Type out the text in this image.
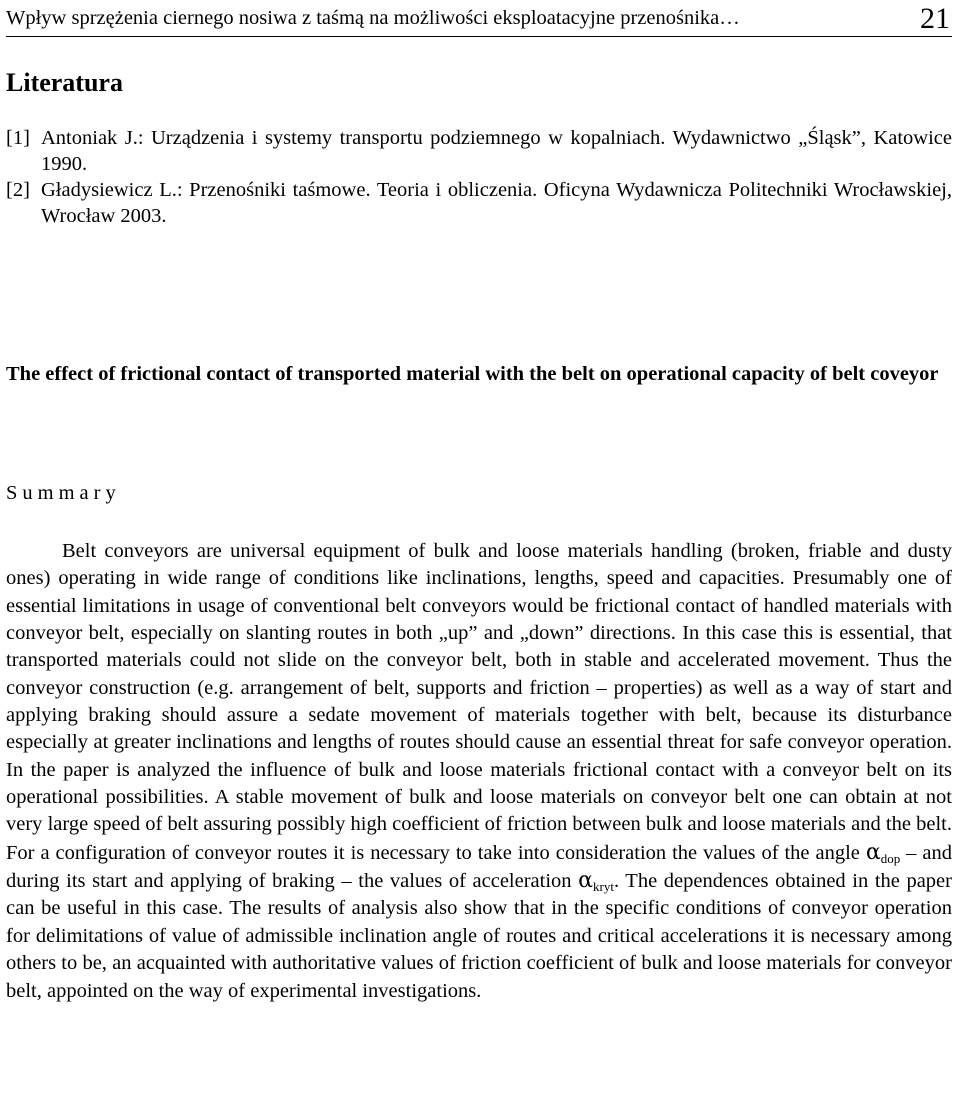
Wpływ sprzężenia ciernego nosiwa z taśmą na możliwości eksploatacyjne przenośnika…	21
Literatura
[1] Antoniak J.: Urządzenia i systemy transportu podziemnego w kopalniach. Wydawnictwo „Śląsk”, Katowice 1990.
[2] Gładysiewicz L.: Przenośniki taśmowe. Teoria i obliczenia. Oficyna Wydawnicza Politechniki Wrocławskiej, Wrocław 2003.
The effect of frictional contact of transported material with the belt on operational capacity of belt coveyor
Summary

Belt conveyors are universal equipment of bulk and loose materials handling (broken, friable and dusty ones) operating in wide range of conditions like inclinations, lengths, speed and capacities. Presumably one of essential limitations in usage of conventional belt conveyors would be frictional contact of handled materials with conveyor belt, especially on slanting routes in both „up” and „down” directions. In this case this is essential, that transported materials could not slide on the conveyor belt, both in stable and accelerated movement. Thus the conveyor construction (e.g. arrangement of belt, supports and friction – properties) as well as a way of start and applying braking should assure a sedate movement of materials together with belt, because its disturbance especially at greater inclinations and lengths of routes should cause an essential threat for safe conveyor operation. In the paper is analyzed the influence of bulk and loose materials frictional contact with a conveyor belt on its operational possibilities. A stable movement of bulk and loose materials on conveyor belt one can obtain at not very large speed of belt assuring possibly high coefficient of friction between bulk and loose materials and the belt. For a configuration of conveyor routes it is necessary to take into consideration the values of the angle $\alpha_{dop}$ – and during its start and applying of braking – the values of acceleration $\alpha_{kryt}$. The dependences obtained in the paper can be useful in this case. The results of analysis also show that in the specific conditions of conveyor operation for delimitations of value of admissible inclination angle of routes and critical accelerations it is necessary among others to be, an acquainted with authoritative values of friction coefficient of bulk and loose materials for conveyor belt, appointed on the way of experimental investigations.
